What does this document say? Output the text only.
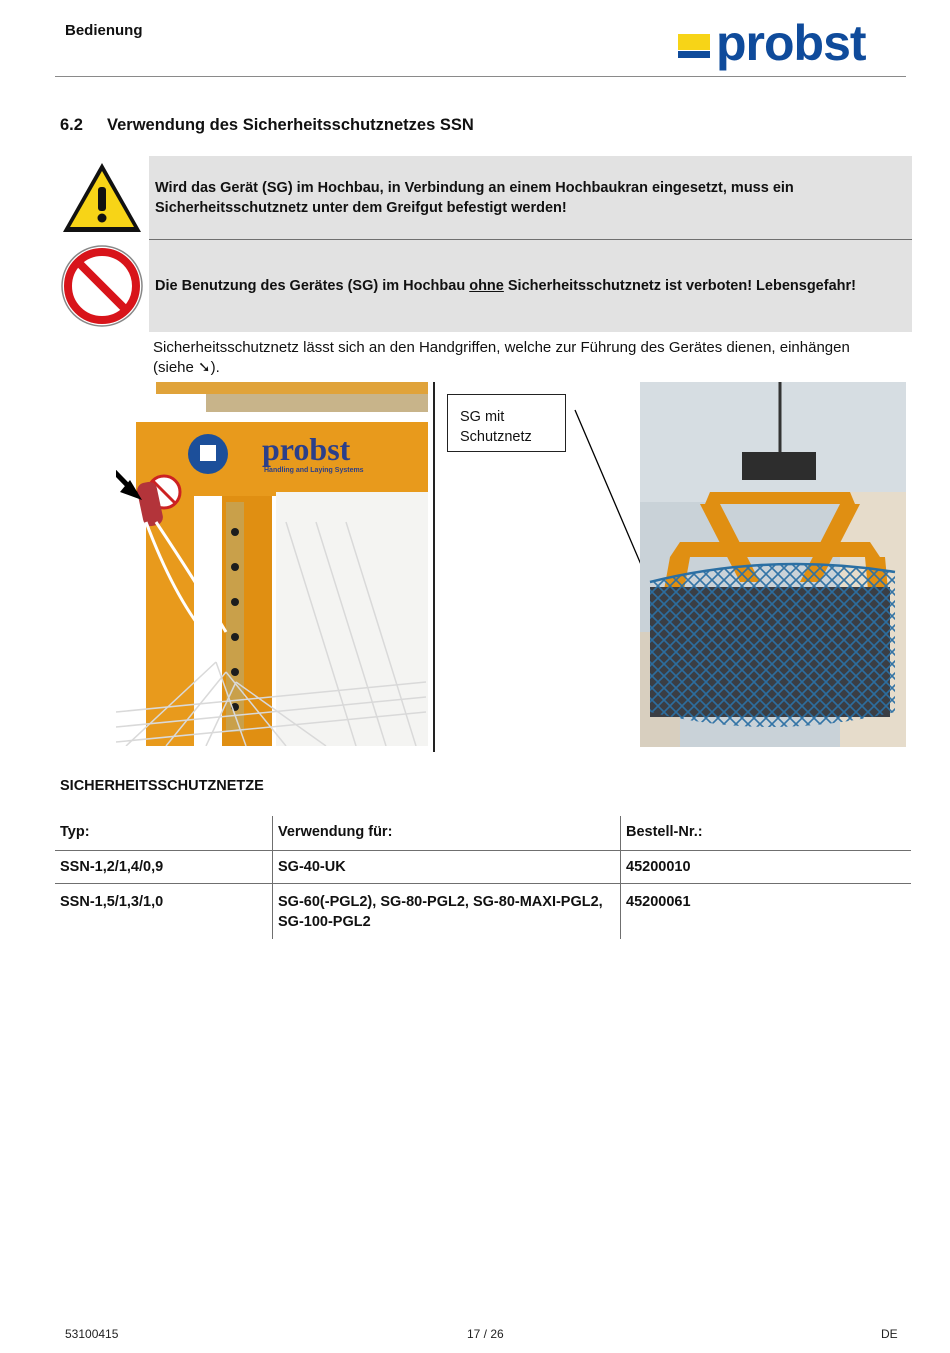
Bedienung	probst
6.2 Verwendung des Sicherheitsschutznetzes SSN

Wird das Gerät (SG) im Hochbau, in Verbindung an einem Hochbaukran eingesetzt, muss ein Sicherheitsschutznetz unter dem Greifgut befestigt werden!

Die Benutzung des Gerätes (SG) im Hochbau ohne Sicherheitsschutznetz ist verboten! Lebensgefahr!

Sicherheitsschutznetz lässt sich an den Handgriffen, welche zur Führung des Gerätes dienen, einhängen (siehe ➘).
probst
Handling and Laying Systems
SG mit
Schutznetz
SICHERHEITSSCHUTZNETZE
Typ:	Verwendung für:	Bestell-Nr.:
SSN-1,2/1,4/0,9	SG-40-UK	45200010
SSN-1,5/1,3/1,0	SG-60(-PGL2), SG-80-PGL2, SG-80-MAXI-PGL2, SG-100-PGL2	45200061
53100415	17 / 26	DE
